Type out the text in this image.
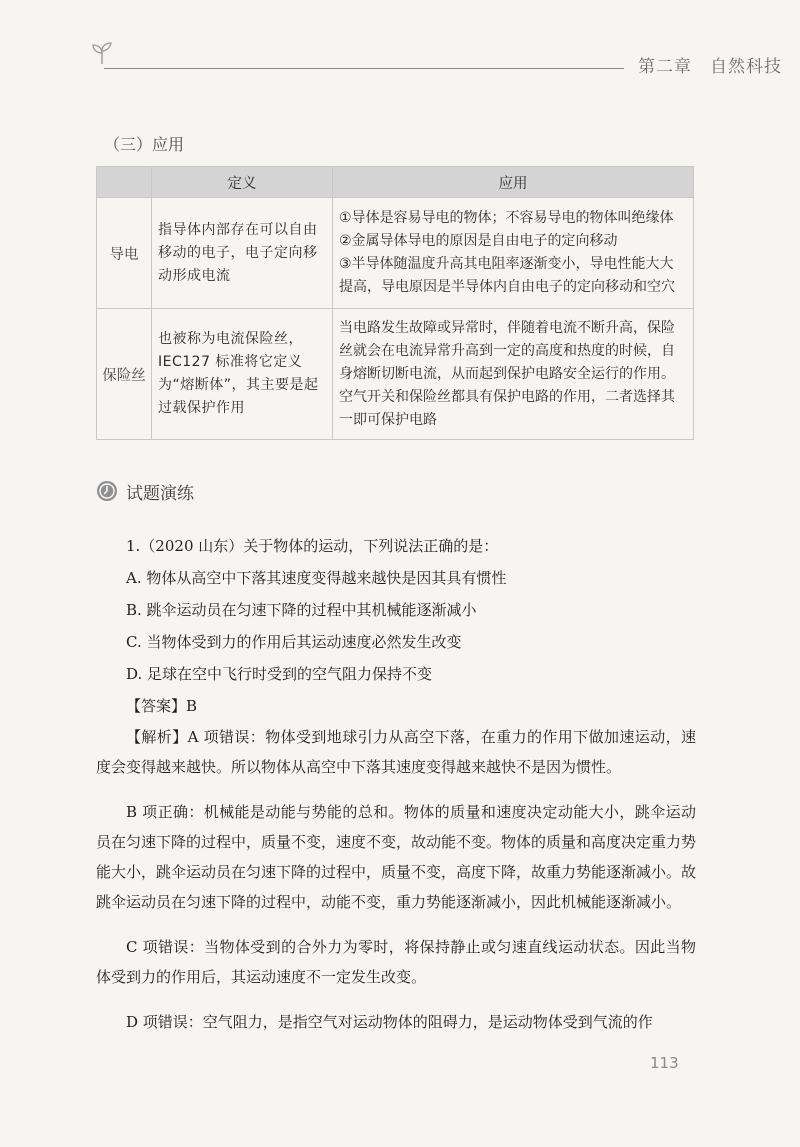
第二章　自然科技
（三）应用
	定义	应用
导电	指导体内部存在可以自由移动的电子，电子定向移动形成电流	①导体是容易导电的物体；不容易导电的物体叫绝缘体
②金属导体导电的原因是自由电子的定向移动
③半导体随温度升高其电阻率逐渐变小，导电性能大大提高，导电原因是半导体内自由电子的定向移动和空穴

保险丝	也被称为电流保险丝，IEC127 标准将它定义为“熔断体”，其主要是起过载保护作用	当电路发生故障或异常时，伴随着电流不断升高，保险丝就会在电流异常升高到一定的高度和热度的时候，自身熔断切断电流，从而起到保护电路安全运行的作用。空气开关和保险丝都具有保护电路的作用，二者选择其一即可保护电路
试题演练
1.（2020 山东）关于物体的运动，下列说法正确的是：
A. 物体从高空中下落其速度变得越来越快是因其具有惯性
B. 跳伞运动员在匀速下降的过程中其机械能逐渐减小
C. 当物体受到力的作用后其运动速度必然发生改变
D. 足球在空中飞行时受到的空气阻力保持不变
【答案】B

【解析】A 项错误：物体受到地球引力从高空下落，在重力的作用下做加速运动，速度会变得越来越快。所以物体从高空中下落其速度变得越来越快不是因为惯性。

B 项正确：机械能是动能与势能的总和。物体的质量和速度决定动能大小，跳伞运动员在匀速下降的过程中，质量不变，速度不变，故动能不变。物体的质量和高度决定重力势能大小，跳伞运动员在匀速下降的过程中，质量不变，高度下降，故重力势能逐渐减小。故跳伞运动员在匀速下降的过程中，动能不变，重力势能逐渐减小，因此机械能逐渐减小。

C 项错误：当物体受到的合外力为零时，将保持静止或匀速直线运动状态。因此当物体受到力的作用后，其运动速度不一定发生改变。

D 项错误：空气阻力，是指空气对运动物体的阻碍力，是运动物体受到气流的作

113
